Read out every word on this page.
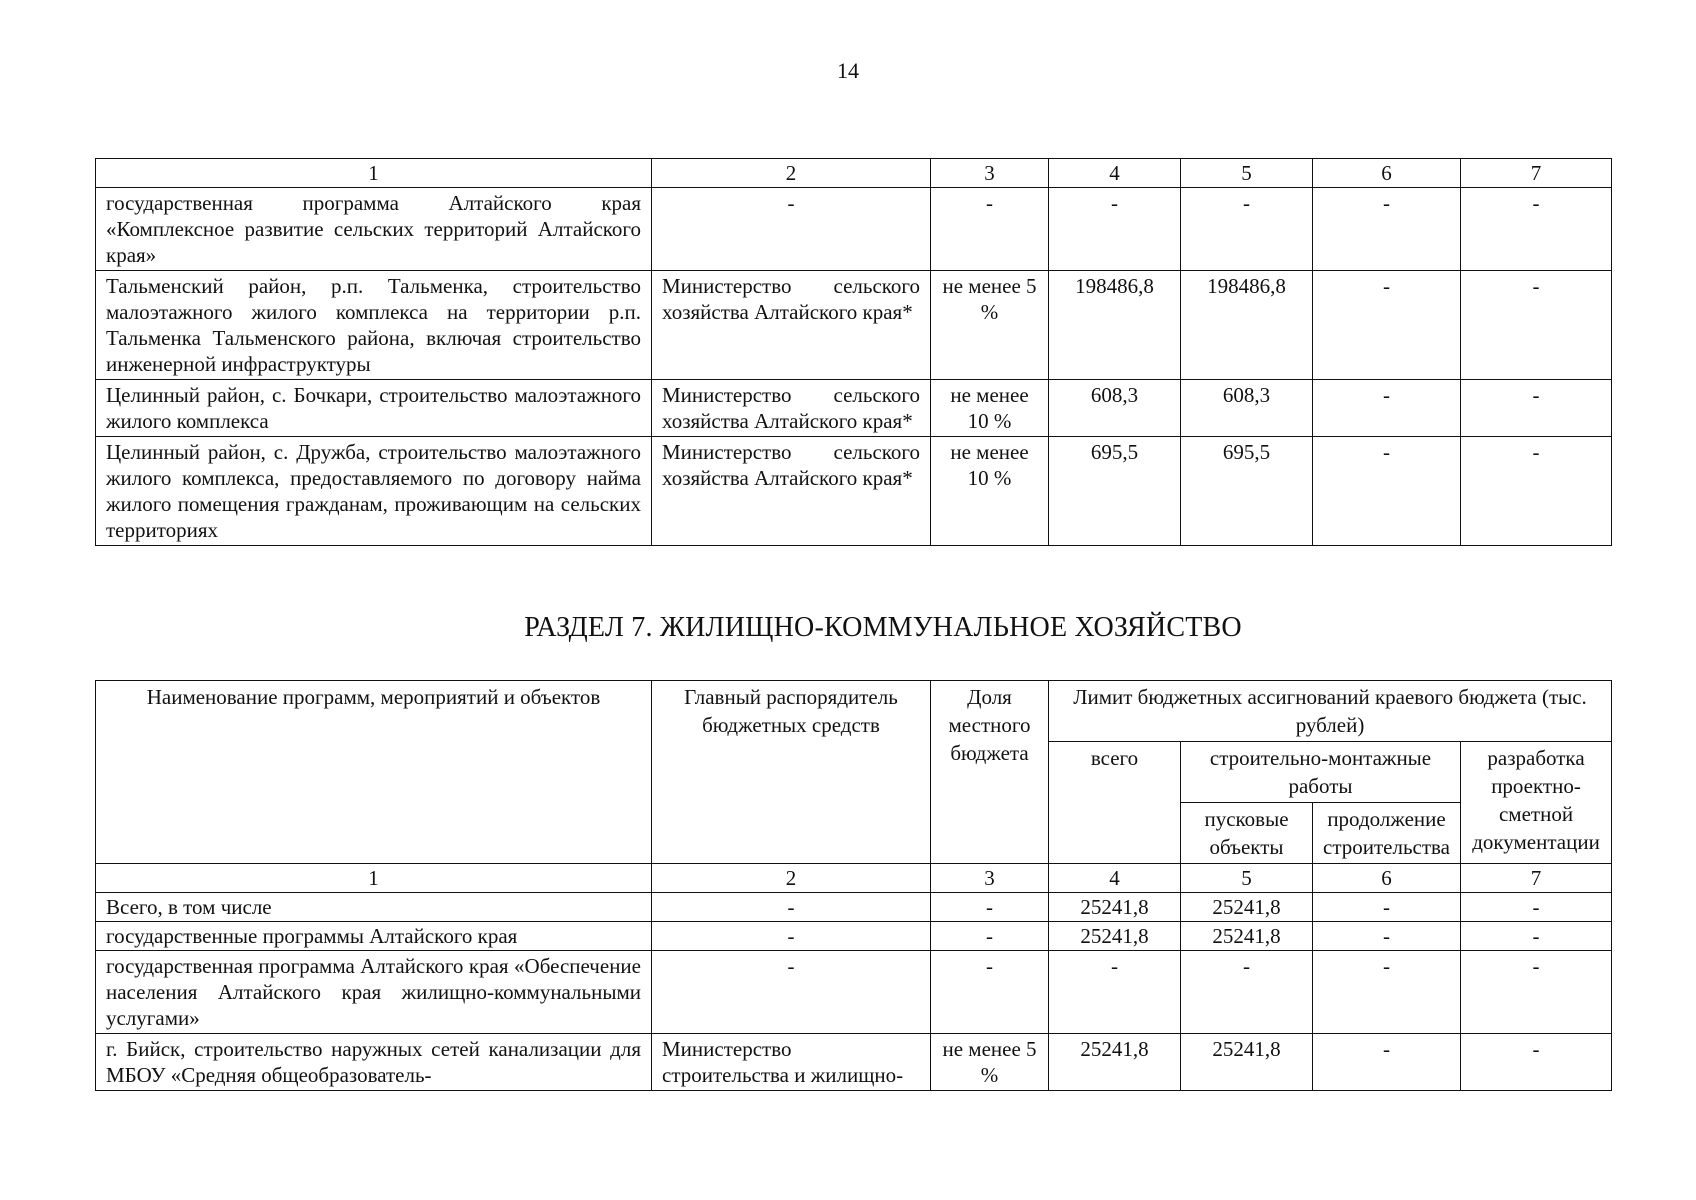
14
1	2	3	4	5	6	7
государственная программа Алтайского края «Комплексное развитие сельских территорий Алтайского края»	-	-	-	-	-	-
Тальменский район, р.п. Тальменка, строительство малоэтажного жилого комплекса на территории р.п. Тальменка Тальменского района, включая строительство инженерной инфраструктуры	Министерство сельского хозяйства Алтайского края*	не менее 5 %	198486,8	198486,8	-	-
Целинный район, с. Бочкари, строительство малоэтажного жилого комплекса	Министерство сельского хозяйства Алтайского края*	не менее 10 %	608,3	608,3	-	-
Целинный район, с. Дружба, строительство малоэтажного жилого комплекса, предоставляемого по договору найма жилого помещения гражданам, проживающим на сельских территориях	Министерство сельского хозяйства Алтайского края*	не менее 10 %	695,5	695,5	-	-
РАЗДЕЛ 7. ЖИЛИЩНО-КОММУНАЛЬНОЕ ХОЗЯЙСТВО
Наименование программ, мероприятий и объектов	Главный распорядитель бюджетных средств	Доля местного бюджета	Лимит бюджетных ассигнований краевого бюджета (тыс. рублей)			
			всего	строительно-монтажные работы		разработка проектно-сметной документации
				пусковые объекты	продолжение строительства	

1	2	3	4	5	6	7
Всего, в том числе	-	-	25241,8	25241,8	-	-
государственные программы Алтайского края	-	-	25241,8	25241,8	-	-
государственная программа Алтайского края «Обеспечение населения Алтайского края жилищно-коммунальными услугами»	-	-	-	-	-	-
г. Бийск, строительство наружных сетей канализации для МБОУ «Средняя общеобразователь-	Министерство строительства и жилищно-	не менее 5 %	25241,8	25241,8	-	-
